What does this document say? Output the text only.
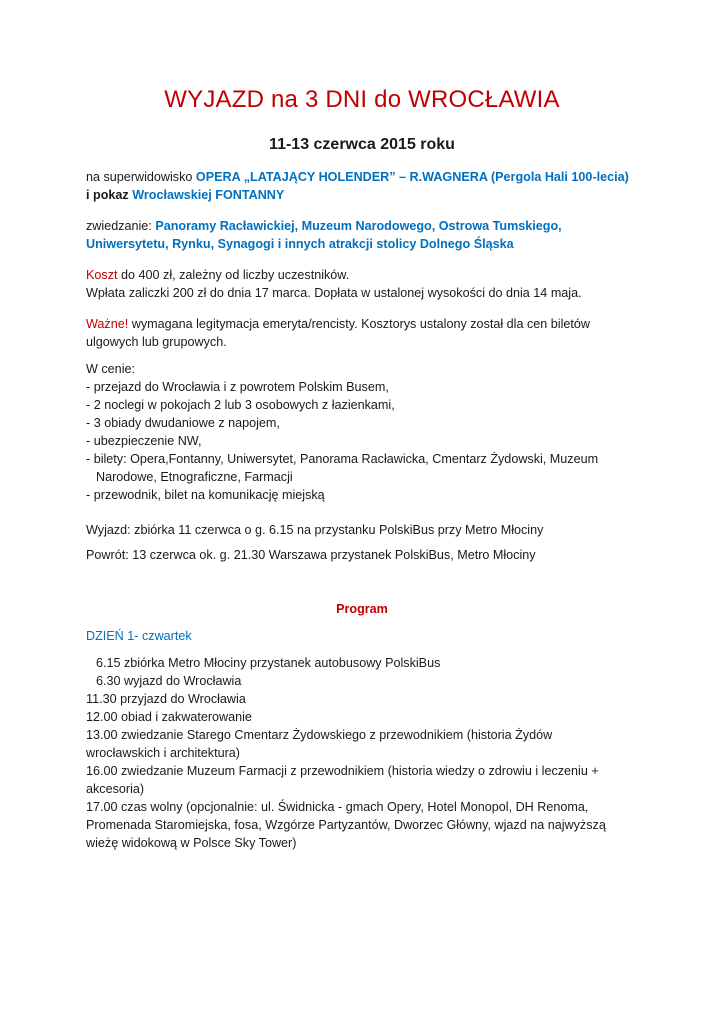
WYJAZD na 3 DNI do WROCŁAWIA
11-13 czerwca 2015 roku
na superwidowisko OPERA „LATAJĄCY HOLENDER” – R.WAGNERA (Pergola Hali 100-lecia)
i pokaz Wrocławskiej FONTANNY
zwiedzanie: Panoramy Racławickiej, Muzeum Narodowego, Ostrowa Tumskiego,
Uniwersytetu, Rynku, Synagogi i innych atrakcji stolicy Dolnego Śląska
Koszt do 400 zł, zależny od liczby uczestników.
Wpłata zaliczki 200 zł do dnia 17 marca. Dopłata w ustalonej wysokości do dnia 14 maja.
Ważne! wymagana legitymacja emeryta/rencisty. Kosztorys ustalony został dla cen biletów
ulgowych lub grupowych.
W cenie:
- przejazd do Wrocławia i z powrotem Polskim Busem,
- 2 noclegi w pokojach 2 lub 3 osobowych z łazienkami,
- 3 obiady dwudaniowe z napojem,
- ubezpieczenie NW,
- bilety: Opera,Fontanny, Uniwersytet, Panorama Racławicka, Cmentarz Żydowski, Muzeum
Narodowe, Etnograficzne, Farmacji
- przewodnik, bilet na komunikację miejską
Wyjazd: zbiórka 11 czerwca o g. 6.15 na przystanku PolskiBus przy Metro Młociny
Powrót: 13 czerwca ok. g. 21.30 Warszawa przystanek PolskiBus, Metro Młociny
Program
DZIEŃ 1- czwartek
6.15 zbiórka Metro Młociny przystanek autobusowy PolskiBus
6.30 wyjazd do Wrocławia
11.30 przyjazd do Wrocławia
12.00 obiad i zakwaterowanie
13.00 zwiedzanie Starego Cmentarz Żydowskiego z przewodnikiem (historia Żydów
wrocławskich i architektura)
16.00 zwiedzanie Muzeum Farmacji z przewodnikiem (historia wiedzy o zdrowiu i leczeniu +
akcesoria)
17.00 czas wolny (opcjonalnie: ul. Świdnicka - gmach Opery, Hotel Monopol, DH Renoma,
Promenada Staromiejska, fosa, Wzgórze Partyzantów, Dworzec Główny, wjazd na najwyższą
wieżę widokową w Polsce Sky Tower)
